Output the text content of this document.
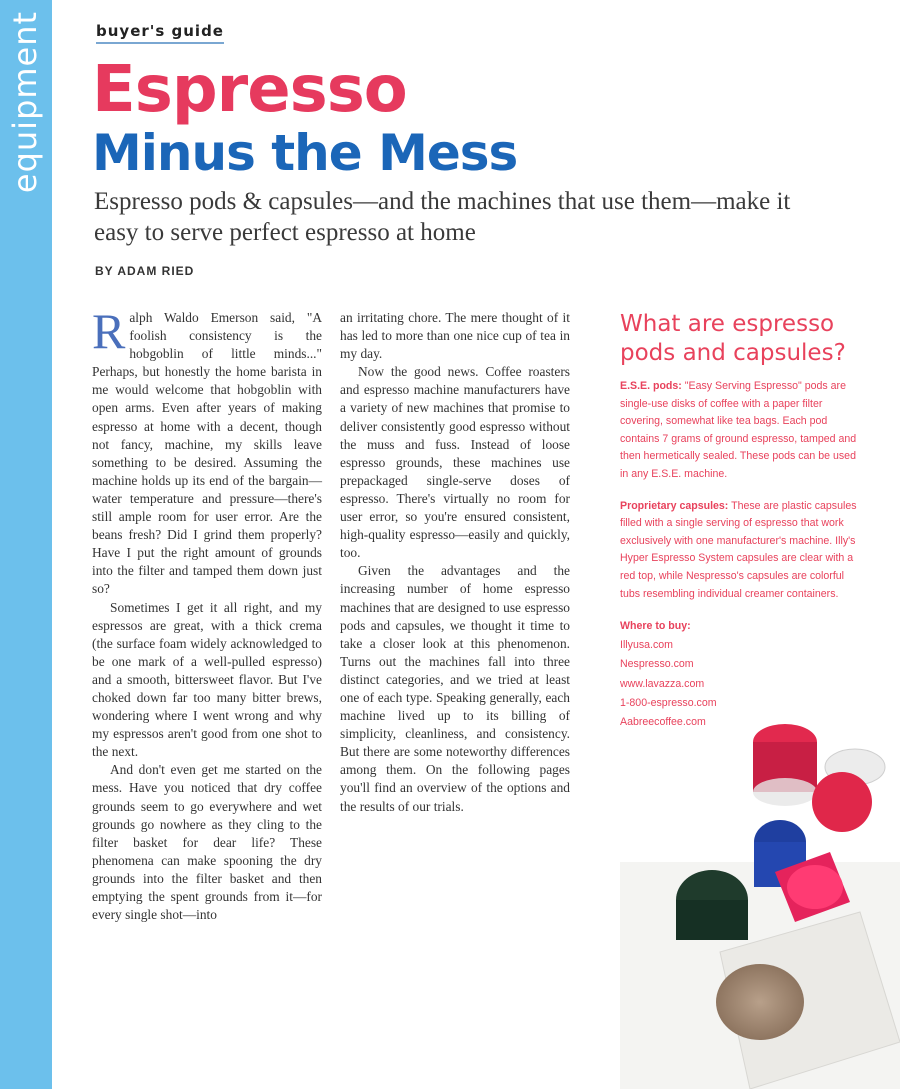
equipment	buyer's guide
Espresso
Minus the Mess
Espresso pods & capsules—and the machines that use them—make it easy to serve perfect espresso at home
BY ADAM RIED

Ralph Waldo Emerson said, "A foolish consistency is the hobgoblin of little minds..." Perhaps, but honestly the home barista in me would welcome that hobgoblin with open arms. Even after years of making espresso at home with a decent, though not fancy, machine, my skills leave something to be desired. Assuming the machine holds up its end of the bargain—water temperature and pressure—there's still ample room for user error. Are the beans fresh? Did I grind them properly? Have I put the right amount of grounds into the filter and tamped them down just so?

Sometimes I get it all right, and my espressos are great, with a thick crema (the surface foam widely acknowledged to be one mark of a well-pulled espresso) and a smooth, bittersweet flavor. But I've choked down far too many bitter brews, wondering where I went wrong and why my espressos aren't good from one shot to the next.

And don't even get me started on the mess. Have you noticed that dry coffee grounds seem to go everywhere and wet grounds go nowhere as they cling to the filter basket for dear life? These phenomena can make spooning the dry grounds into the filter basket and then emptying the spent grounds from it—for every single shot—into

an irritating chore. The mere thought of it has led to more than one nice cup of tea in my day.

Now the good news. Coffee roasters and espresso machine manufacturers have a variety of new machines that promise to deliver consistently good espresso without the muss and fuss. Instead of loose espresso grounds, these machines use prepackaged single-serve doses of espresso. There's virtually no room for user error, so you're ensured consistent, high-quality espresso—easily and quickly, too.

Given the advantages and the increasing number of home espresso machines that are designed to use espresso pods and capsules, we thought it time to take a closer look at this phenomenon. Turns out the machines fall into three distinct categories, and we tried at least one of each type. Speaking generally, each machine lived up to its billing of simplicity, cleanliness, and consistency. But there are some noteworthy differences among them. On the following pages you'll find an overview of the options and the results of our trials.

What are espresso pods and capsules?

E.S.E. pods: "Easy Serving Espresso" pods are single-use disks of coffee with a paper filter covering, somewhat like tea bags. Each pod contains 7 grams of ground espresso, tamped and then hermetically sealed. These pods can be used in any E.S.E. machine.

Proprietary capsules: These are plastic capsules filled with a single serving of espresso that work exclusively with one manufacturer's machine. Illy's Hyper Espresso System capsules are clear with a red top, while Nespresso's capsules are colorful tubs resembling individual creamer containers.

Where to buy:
Illyusa.com
Nespresso.com
www.lavazza.com
1-800-espresso.com
Aabreecoffee.com
